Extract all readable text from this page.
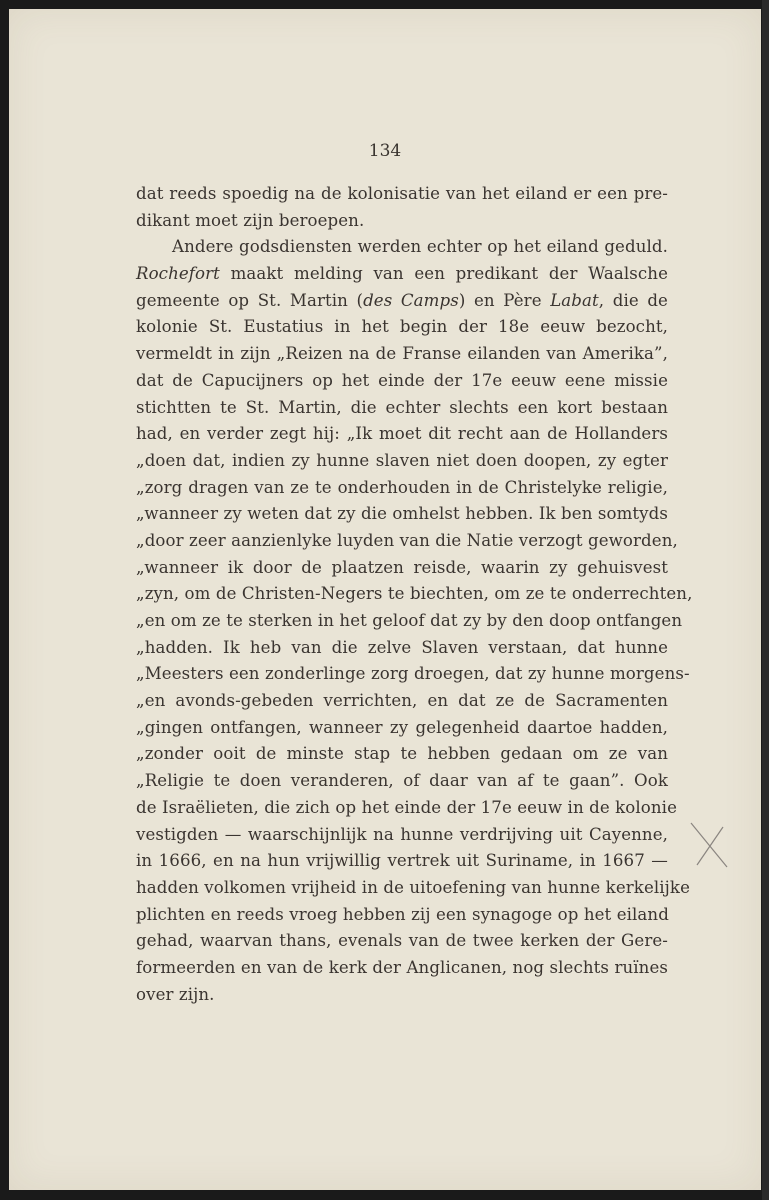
134
dat reeds spoedig na de kolonisatie van het eiland er een pre-
dikant moet zijn beroepen.
Andere godsdiensten werden echter op het eiland geduld.
Rochefort maakt melding van een predikant der Waalsche
gemeente op St. Martin (des Camps) en Père Labat, die de
kolonie St. Eustatius in het begin der 18e eeuw bezocht,
vermeldt in zijn „Reizen na de Franse eilanden van Amerika”,
dat de Capucijners op het einde der 17e eeuw eene missie
stichtten te St. Martin, die echter slechts een kort bestaan
had, en verder zegt hij: „Ik moet dit recht aan de Hollanders
„doen dat, indien zy hunne slaven niet doen doopen, zy egter
„zorg dragen van ze te onderhouden in de Christelyke religie,
„wanneer zy weten dat zy die omhelst hebben. Ik ben somtyds
„door zeer aanzienlyke luyden van die Natie verzogt geworden,
„wanneer ik door de plaatzen reisde, waarin zy gehuisvest
„zyn, om de Christen-Negers te biechten, om ze te onderrechten,
„en om ze te sterken in het geloof dat zy by den doop ontfangen
„hadden. Ik heb van die zelve Slaven verstaan, dat hunne
„Meesters een zonderlinge zorg droegen, dat zy hunne morgens-
„en avonds-gebeden verrichten, en dat ze de Sacramenten
„gingen ontfangen, wanneer zy gelegenheid daartoe hadden,
„zonder ooit de minste stap te hebben gedaan om ze van
„Religie te doen veranderen, of daar van af te gaan”. Ook
de Israëlieten, die zich op het einde der 17e eeuw in de kolonie
vestigden — waarschijnlijk na hunne verdrijving uit Cayenne,
in 1666, en na hun vrijwillig vertrek uit Suriname, in 1667 —
hadden volkomen vrijheid in de uitoefening van hunne kerkelijke
plichten en reeds vroeg hebben zij een synagoge op het eiland
gehad, waarvan thans, evenals van de twee kerken der Gere-
formeerden en van de kerk der Anglicanen, nog slechts ruïnes
over zijn.
